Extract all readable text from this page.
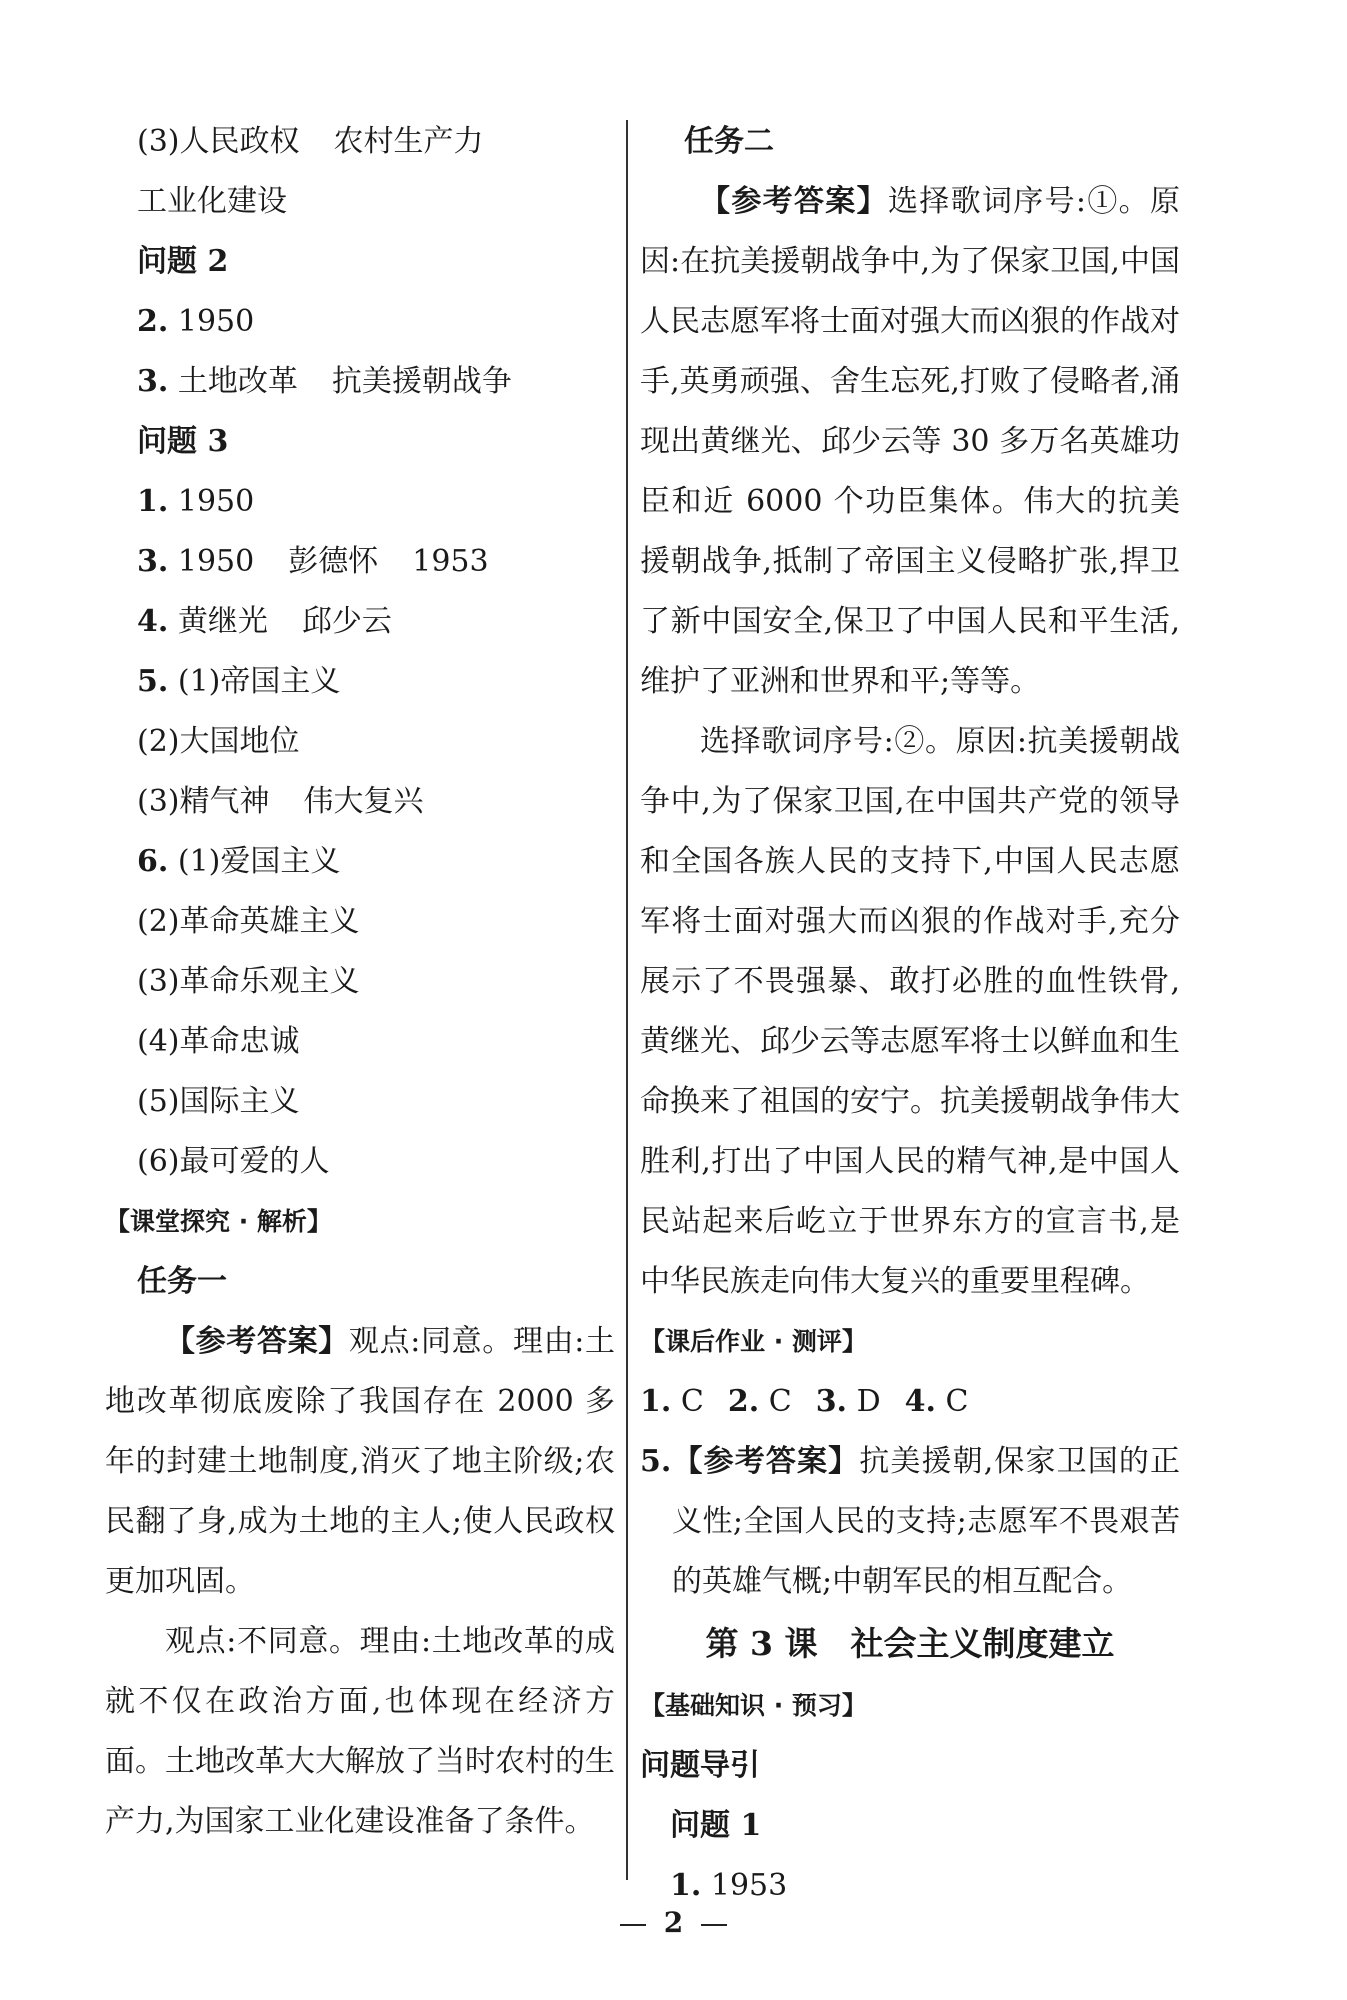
(3)人民政权 农村生产力
工业化建设
问题 2
2. 1950
3. 土地改革 抗美援朝战争
问题 3
1. 1950
3. 1950 彭德怀 1953
4. 黄继光 邱少云
5. (1)帝国主义
(2)大国地位
(3)精气神 伟大复兴
6. (1)爱国主义
(2)革命英雄主义
(3)革命乐观主义
(4)革命忠诚
(5)国际主义
(6)最可爱的人
【课堂探究 · 解析】
任务一

【参考答案】观点:同意。理由:土地改革彻底废除了我国存在 2000 多年的封建土地制度,消灭了地主阶级;农民翻了身,成为土地的主人;使人民政权更加巩固。

观点:不同意。理由:土地改革的成就不仅在政治方面,也体现在经济方面。土地改革大大解放了当时农村的生产力,为国家工业化建设准备了条件。

任务二

【参考答案】选择歌词序号:①。原因:在抗美援朝战争中,为了保家卫国,中国人民志愿军将士面对强大而凶狠的作战对手,英勇顽强、舍生忘死,打败了侵略者,涌现出黄继光、邱少云等 30 多万名英雄功臣和近 6000 个功臣集体。伟大的抗美援朝战争,抵制了帝国主义侵略扩张,捍卫了新中国安全,保卫了中国人民和平生活,维护了亚洲和世界和平;等等。

选择歌词序号:②。原因:抗美援朝战争中,为了保家卫国,在中国共产党的领导和全国各族人民的支持下,中国人民志愿军将士面对强大而凶狠的作战对手,充分展示了不畏强暴、敢打必胜的血性铁骨,黄继光、邱少云等志愿军将士以鲜血和生命换来了祖国的安宁。抗美援朝战争伟大胜利,打出了中国人民的精气神,是中国人民站起来后屹立于世界东方的宣言书,是中华民族走向伟大复兴的重要里程碑。

【课后作业 · 测评】
1. C 2. C 3. D 4. C

5.【参考答案】抗美援朝,保家卫国的正义性;全国人民的支持;志愿军不畏艰苦的英雄气概;中朝军民的相互配合。

第 3 课　社会主义制度建立
【基础知识 · 预习】
问题导引
问题 1
1. 1953
2
